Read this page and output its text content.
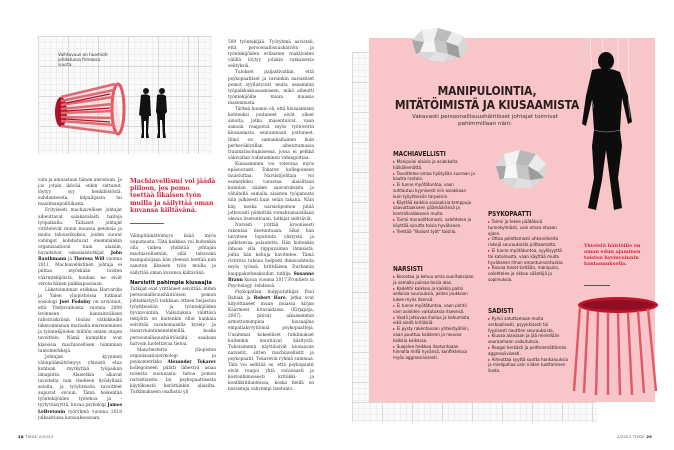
Vaihtuvuus on huomioti johdetussa firmassa suurta.

vain ja ainoastaan hänen ansiotaan. Ja jos jotain ikävää onkin sattunut, löytyy syy henkilöstöstä, suhdanteesta, kilpailijasta tai maailmanpolitiikasta.

Erityisesti machiavelliset johtajat aiheuttavat salakavalasti haitoja työpaikalla. Tällaiset johtajat virittelevät muun muassa petoksia ja muita talousrikoksia, joiden suorat vahingot kohdistuvat enemmänkin organisaatioon kuin alaisiin, havaitsivat saksalaistutkijat John Rauthmann ja Theresa Will vuonna 2011. Machiavellistinen johtaja ei piittaa myöskään toisten väärintekijöistä, kunhan ne eivät verota hänen palkkapussiaan.

Liiketoiminnan etiikkaa Harvardin ja Yalen yliopistoissa tutkinut sosiologi Joel Podolny on arvioinut, että Yhdysvalloista vuonna 2008 levinneen kansainvälisen rahoituskriisin tönäisi vätkikkeille liiketoiminnan moraalin mureneminen ja työntekijöiden hillitön omien etujen tavoittelu. Nämä kumpikin ovat klassisia machiavellisen toiminnan tuntomerkkejä.

Johtajan kyyninen välinpitämättömyys yhteistä etua kohtaan myrkyttää työpaikan ilmapiirin. Alaisetkin alkavat tavoitella vain itselleen hyödyllisiä asioita, ja työyhteisön tavoitteet aupuvat sivuun. Tämä heikentää työntekijöiden työtehoa ja -tyytyväisyyttä, kuvaa psykologi James LeBretonin työryhmä vuonna 2018 julkaistussa katsauksessaan.

Machiavellismi voi jäädä piiloon, jos pomo teettää likaisen työn muilla ja säilyttää oman kuvansa kiiltävänä.

Välinpitämättömyys lisää myös uupumusta. Tätä kaikkea voi kuitenkin olla vaikea yhdistää johtajan machiavellismiin, sillä taitavana manipuloijana hän yleensä teettää niin sanotun likaisen työn muilla ja säilyttää oman kuvansa kiiltävänä.

Narsistit pahimpia kiusaajia

Tutkijat ovat yrittäneet selvittää, miten persoonallisuushäiriöisen pomon johtamistyyli tarkkaan ottaen heijastuu työyhteisöön ja työntekijöiden hyvinvointiin. Vaikutuksia välittävä tekijöitä on kuitenkin ollut hankala selvittää tavanomaisilla kysely- ja itsearviointimenetelmillä, koska persoonallisuushäiriöisiltä saadaan harvoin luotettavaa tietoa.

Manchesterin yliopiston organisaatiopsykologi ja psykometrikko Alexander Tokarev kollegoineen päätti lähestyä asiaa toisesta suunnasta: tietoa pomon narsistisesta tai psykopaattisesta käytöksestä kerättiinkin alaisilta. Tutkimukseen osallistui yli

500 työntekijää. Työryhmä aavisteli, että persoonallisuushäiriön ja työntekijöiden erilaisten reaktioiden välillä löytyy jotakin ratkaisevia selityksiä.

Tulokset paljastivatkin, että psykopaattiset ja varsinkin narsistiset pomot syyllistyivät muita useammin työpaikkakiusaamiseen, mikä aiheutti työntekijöille muun muassa masennusta.

Tärkeä huomio oli, että kiusaamisen kohteeksi joutuneet eivät olleet ainoita, jotka masentuivat, vaan samoin reagoivat myös työtoverin kiusaamista seuraamaan joutuneet. Ilmiö on samankaltainen kuin perheväkivallan aiheuttamassa traumatisoitumisessa, jossa ei pelkkä väkivallan todistaminen vahingoittaa.

Kiusaaminen voi toteutua myös epäsuorasti, Tokarev kollegoineen muistuttaa. Narsistijohtaja voi esimerkiksi varastaa alaisiltaan kunnian näiden saavutuksista ja vähätellä samalla alaisten työpanosta niin julkisesti kuin selän takana. Näin käy, koska narsistipomon pitää jatkuvasti pönkittää romahtamaisillaan olevaa itsetuntoaan, tutkijat selittävät.

Narsisti yrittää kroonisesti rakentaa itsetuntoaan. Siksi hän tarvitsee loputonta ylistystä ja palkitsevaa palautetta. Hän kuitenkin inhoaa olla riippuvainen ihmisistä, joilta hän kehuja havittelee. Tämä ristiriita tuhoaa helposti ihmissuhteita myös työssä, brittiläisen Durhamin kauppakorkeakoulun tutkija Susanne Braun kuvaa vuonna 2017 Frontiers in Psychology -lehdessä.

Psykopatian huippututkijat Paul Babiak ja Robert Hare, jotka ovat kirjoittaneet muun muassa kirjan Käärmeet liituraidassa (Kirjapaja, 2007), pitivät aikaisemmin armottomimpina kiusaajina empatiakyvyttömiä psykopaatteja. Uusimmat kokeelliset tutkimukset kuitenkin muuttavat käsitystä. Tuhoisimmin näyttäisivät kiusaavan narsistit, sitten machiavellistit ja psykopaatit, Tokarevin ryhmä summaa. Tätä voi selittää se, että psykopaatit eivät reagoi yhtä raivoisasti ja kostonhimoisesti kritiikki- ja konfliktitilanteissa, koska heillä on narsisteja vahvempi itsetunto.

28 TIEDE 2/2024
MANIPULOINTIA,
MITÄTÖIMISTÄ JA KIUSAAMISTA
Vakavasti persoonallisuushäiriöiset johtajat toimivat pahimmillaan näin:
MACHIAVELLISTI
▸ Manipuloi alaisia ja asiakkaita häikäilemättä.
▸ Tavoittelee omaa hyötyään suoraan ja kautta rantain.
▸ Ei tunne myötätuntoa, vaan suhtautuu kyynisesti niin asiakkaan kuin työyhteisön tarpeisiin.
▸ Käyttää kaikkia sosiaalisia temppuja saavuttaakseen päämääränsä ja kontrolloidakseen muita.
▸ Toimii moraalittomasti, valehtelee ja käyttää surutta toisia hyväkseen.
▸ Teettää "likaiset työt" toisilla.
NARSISTI
▸ Korostaa ja kehuu omia suorituksiaan ja samalla painaa toisia alas.
▸ Kadehtii kaikkea ja kaikkia paitsi sellaisia suuruuksia, joiden joukkoon lukee myös itsensä.
▸ Ei tunne myötätuntoa, vaan pohtii vain asioiden vaikutuksia itseensä.
▸ Vaatii jatkuvaa ihailua ja kehumista eikä siedä kritiikkiä.
▸ Ei pysty rakentavaan yhteistyöhön, vaan puuttuu kaikkeen ja neuvoo kaikkia kaikessa.
▸ Suojelee heikkoa itsetuntoaan hinnalla millä hyvänsä, konflikteissa myös aggressiivisesti.
PSYKOPAATTI
▸ Toimii ja tekee päätöksiä tunnekylmästi, vain omaa etuaan ajaen.
▸ Ottaa pelottomasti uhkarohkeita riskejä seurauksista piittaamatta.
▸ Ei tunne myötätuntoa, syyllisyyttä tai katumusta, vaan käyttää muita hyväkseen ilman omantunnontuskia.
▸ Raivaa toiset tieltään, manipuloi, valehtelee ja rikkoo sääntöjä ja sopimuksia.
SADISTI
▸ Pyrkii satuttamaan muita verbaalisesti, psyykkisesti tai fyysisesti nauttien seurauksista.
▸ Kiusaa alaisiaan ja jää mielellään seuraamaan vaikutuksia.
▸ Reagoi herkästi ja peittelemättömän aggressiivisesti.
▸ Aiheuttaa syyttä suotta hankaluuksia ja mielipahaa vain niiden tuottamisen ilosta.
Yhteistä häiriöille on oman edun ajaminen toisten hyvinvoinnin kustannuksella.
2/2024 TIEDE 29
